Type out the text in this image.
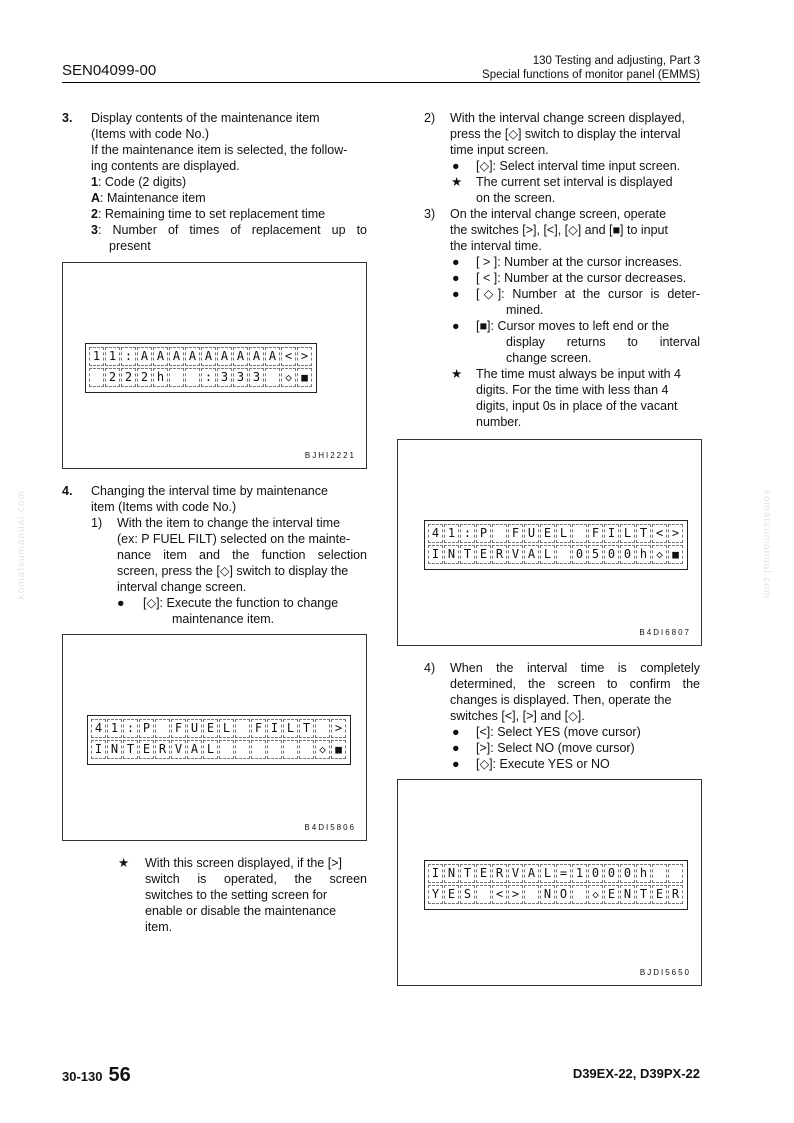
SEN04099-00
130 Testing and adjusting, Part 3
Special functions of monitor panel (EMMS)
komatsumanual.com	komatsumanual.com
3. Display contents of the maintenance item

(Items with code No.)

If the maintenance item is selected, the follow-

ing contents are displayed.

1: Code (2 digits)

A: Maintenance item

2: Remaining time to set replacement time

3: Number of times of replacement up to

present

1 1 : A A A A A A A A A < >
2 2 2 h	: 3 3 3	◇ ■
BJHI2221
4. Changing the interval time by maintenance

item (Items with code No.)

1) With the item to change the interval time

(ex: P FUEL FILT) selected on the mainte-

nance item and the function selection

screen, press the [◇] switch to display the

interval change screen.

● [◇]: Execute the function to change

maintenance item.

4 1 : P	F U E L	F I L T	>
I N T E R V A L	◇ ■
B4DI5806
★ With this screen displayed, if the [>]

switch is operated, the screen

switches to the setting screen for

enable or disable the maintenance

item.

2) With the interval change screen displayed,

press the [◇] switch to display the interval

time input screen.

● [◇]: Select interval time input screen.

★ The current set interval is displayed

on the screen.

3) On the interval change screen, operate

the switches [>], [<], [◇] and [■] to input

the interval time.

● [ > ]: Number at the cursor increases.

● [ < ]: Number at the cursor decreases.

● [◇]: Number at the cursor is deter-

mined.

● [■]: Cursor moves to left end or the

display returns to interval

change screen.

★ The time must always be input with 4

digits. For the time with less than 4

digits, input 0s in place of the vacant

number.

4 1 : P	F U E L	F I L T < >
I N T E R V A L	0 5 0 0 h ◇ ■
B4DI6807
4) When the interval time is completely

determined, the screen to confirm the

changes is displayed. Then, operate the

switches [<], [>] and [◇].

● [<]: Select YES (move cursor)

● [>]: Select NO (move cursor)

● [◇]: Execute YES or NO

I N T E R V A L = 1 0 0 0 h
Y E S	< >	N O	◇ E N T E R
BJDI5650
30-130 56	D39EX-22, D39PX-22
